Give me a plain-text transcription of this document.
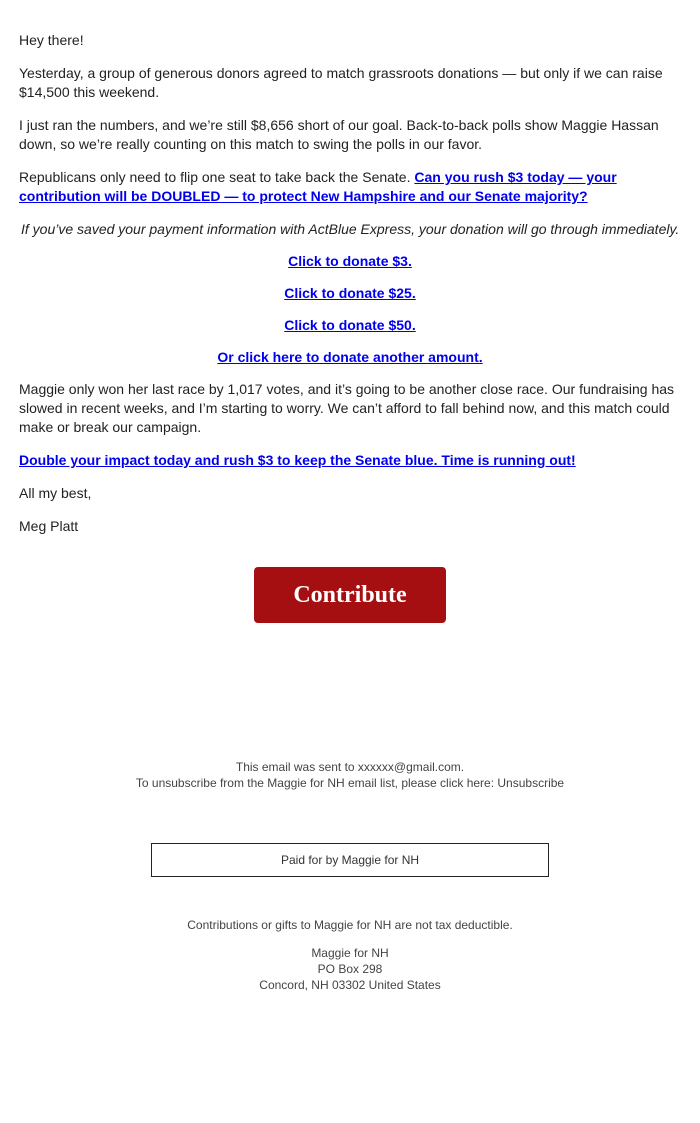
Hey there!

Yesterday, a group of generous donors agreed to match grassroots donations — but only if we can raise $14,500 this weekend.

I just ran the numbers, and we’re still $8,656 short of our goal. Back-to-back polls show Maggie Hassan down, so we’re really counting on this match to swing the polls in our favor.

Republicans only need to flip one seat to take back the Senate. Can you rush $3 today — your contribution will be DOUBLED — to protect New Hampshire and our Senate majority?

If you’ve saved your payment information with ActBlue Express, your donation will go through immediately.

Click to donate $3.
Click to donate $25.
Click to donate $50.
Or click here to donate another amount.

Maggie only won her last race by 1,017 votes, and it’s going to be another close race. Our fundraising has slowed in recent weeks, and I’m starting to worry. We can’t afford to fall behind now, and this match could make or break our campaign.

Double your impact today and rush $3 to keep the Senate blue. Time is running out!

All my best,

Meg Platt

Contribute
This email was sent to xxxxxx@gmail.com.
To unsubscribe from the Maggie for NH email list, please click here: Unsubscribe
Paid for by Maggie for NH
Contributions or gifts to Maggie for NH are not tax deductible.
Maggie for NH
PO Box 298
Concord, NH 03302 United States
